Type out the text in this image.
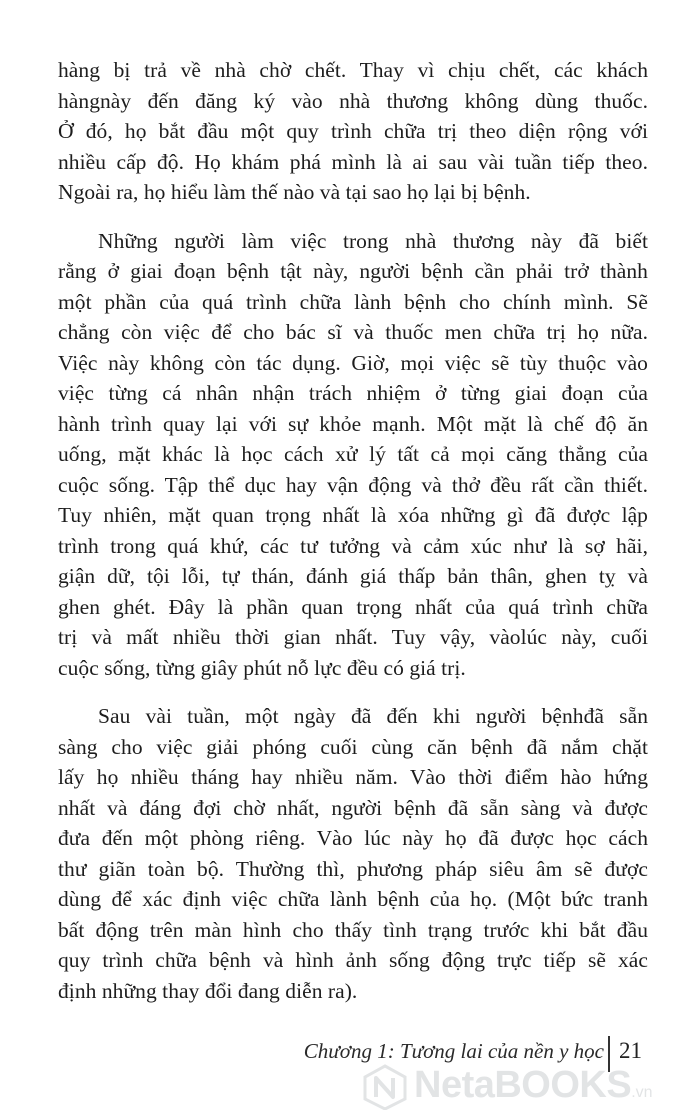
hàng bị trả về nhà chờ chết. Thay vì chịu chết, các khách
hàngnày đến đăng ký vào nhà thương không dùng thuốc.
Ở đó, họ bắt đầu một quy trình chữa trị theo diện rộng với
nhiều cấp độ. Họ khám phá mình là ai sau vài tuần tiếp theo.
Ngoài ra, họ hiểu làm thế nào và tại sao họ lại bị bệnh.

Những người làm việc trong nhà thương này đã biết
rằng ở giai đoạn bệnh tật này, người bệnh cần phải trở thành
một phần của quá trình chữa lành bệnh cho chính mình. Sẽ
chẳng còn việc để cho bác sĩ và thuốc men chữa trị họ nữa.
Việc này không còn tác dụng. Giờ, mọi việc sẽ tùy thuộc vào
việc từng cá nhân nhận trách nhiệm ở từng giai đoạn của
hành trình quay lại với sự khỏe mạnh. Một mặt là chế độ ăn
uống, mặt khác là học cách xử lý tất cả mọi căng thẳng của
cuộc sống. Tập thể dục hay vận động và thở đều rất cần thiết.
Tuy nhiên, mặt quan trọng nhất là xóa những gì đã được lập
trình trong quá khứ, các tư tưởng và cảm xúc như là sợ hãi,
giận dữ, tội lỗi, tự thán, đánh giá thấp bản thân, ghen tỵ và
ghen ghét. Đây là phần quan trọng nhất của quá trình chữa
trị và mất nhiều thời gian nhất. Tuy vậy, vàolúc này, cuối
cuộc sống, từng giây phút nỗ lực đều có giá trị.

Sau vài tuần, một ngày đã đến khi người bệnhđã sẵn
sàng cho việc giải phóng cuối cùng căn bệnh đã nắm chặt
lấy họ nhiều tháng hay nhiều năm. Vào thời điểm hào hứng
nhất và đáng đợi chờ nhất, người bệnh đã sẵn sàng và được
đưa đến một phòng riêng. Vào lúc này họ đã được học cách
thư giãn toàn bộ. Thường thì, phương pháp siêu âm sẽ được
dùng để xác định việc chữa lành bệnh của họ. (Một bức tranh
bất động trên màn hình cho thấy tình trạng trước khi bắt đầu
quy trình chữa bệnh và hình ảnh sống động trực tiếp sẽ xác
định những thay đổi đang diễn ra).

Chương 1: Tương lai của nền y học 21
NetaBOOKS.vn
